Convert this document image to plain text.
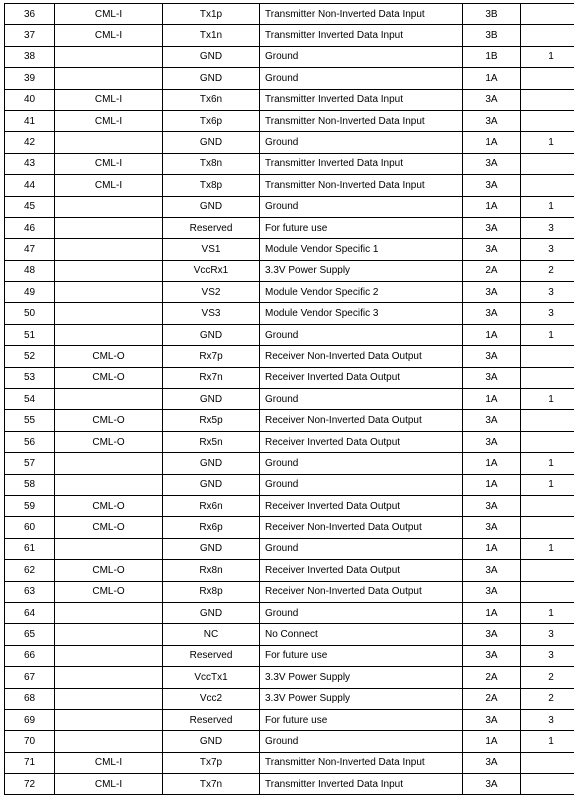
36	CML-I	Tx1p	Transmitter Non-Inverted Data Input	3B	
37	CML-I	Tx1n	Transmitter Inverted Data Input	3B	
38		GND	Ground	1B	1
39		GND	Ground	1A	
40	CML-I	Tx6n	Transmitter Inverted Data Input	3A	
41	CML-I	Tx6p	Transmitter Non-Inverted Data Input	3A	
42		GND	Ground	1A	1
43	CML-I	Tx8n	Transmitter Inverted Data Input	3A	
44	CML-I	Tx8p	Transmitter Non-Inverted Data Input	3A	
45		GND	Ground	1A	1
46		Reserved	For future use	3A	3
47		VS1	Module Vendor Specific 1	3A	3
48		VccRx1	3.3V Power Supply	2A	2
49		VS2	Module Vendor Specific 2	3A	3
50		VS3	Module Vendor Specific 3	3A	3
51		GND	Ground	1A	1
52	CML-O	Rx7p	Receiver Non-Inverted Data Output	3A	
53	CML-O	Rx7n	Receiver Inverted Data Output	3A	
54		GND	Ground	1A	1
55	CML-O	Rx5p	Receiver Non-Inverted Data Output	3A	
56	CML-O	Rx5n	Receiver Inverted Data Output	3A	
57		GND	Ground	1A	1
58		GND	Ground	1A	1
59	CML-O	Rx6n	Receiver Inverted Data Output	3A	
60	CML-O	Rx6p	Receiver Non-Inverted Data Output	3A	
61		GND	Ground	1A	1
62	CML-O	Rx8n	Receiver Inverted Data Output	3A	
63	CML-O	Rx8p	Receiver Non-Inverted Data Output	3A	
64		GND	Ground	1A	1
65		NC	No Connect	3A	3
66		Reserved	For future use	3A	3
67		VccTx1	3.3V Power Supply	2A	2
68		Vcc2	3.3V Power Supply	2A	2
69		Reserved	For future use	3A	3
70		GND	Ground	1A	1
71	CML-I	Tx7p	Transmitter Non-Inverted Data Input	3A	
72	CML-I	Tx7n	Transmitter Inverted Data Input	3A	
